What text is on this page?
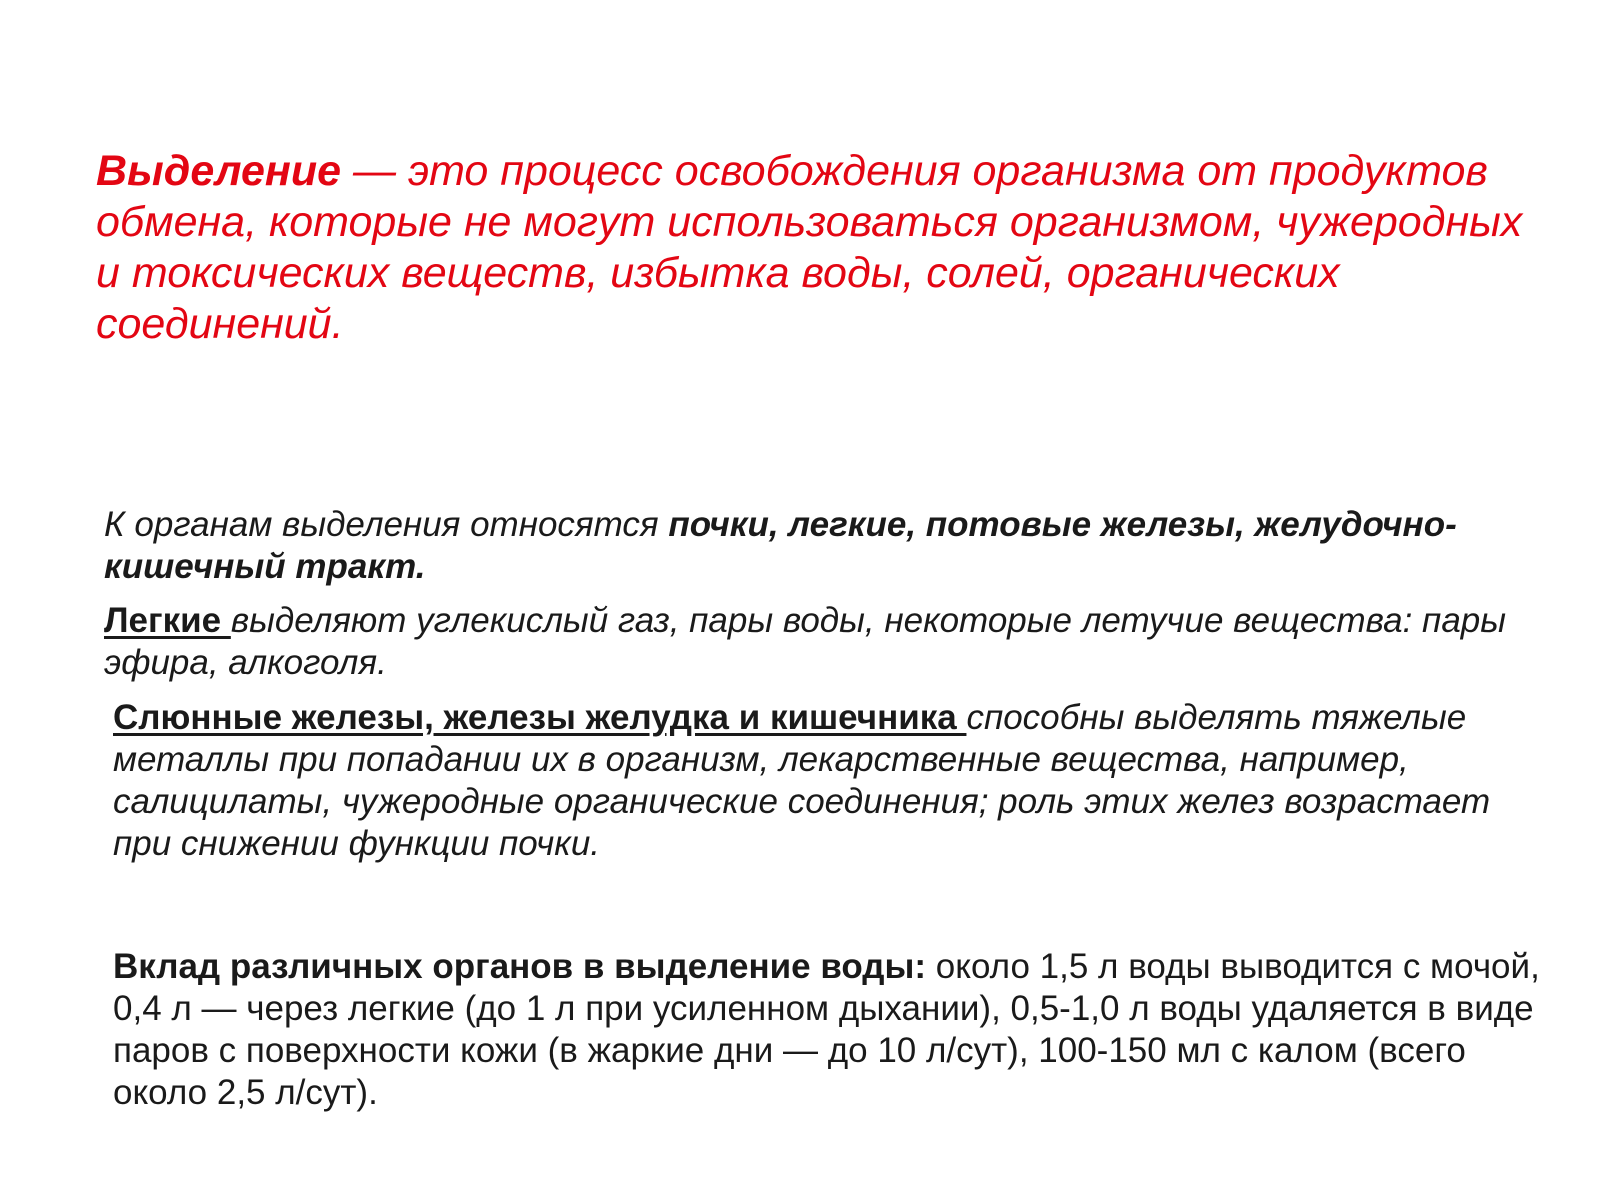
Выделение — это процесс освобождения организма от продуктов обмена, которые не могут использоваться организмом, чужеродных и токсических веществ, избытка воды, солей, органических соединений.

К органам выделения относятся почки, легкие, потовые железы, желудочно-кишечный тракт.

Легкие выделяют углекислый газ, пары воды, некоторые летучие вещества: пары эфира, алкоголя.

Слюнные железы, железы желудка и кишечника способны выделять тяжелые металлы при попадании их в организм, лекарственные вещества, например, салицилаты, чужеродные органические соединения; роль этих желез возрастает при снижении функции почки.

Вклад различных органов в выделение воды: около 1,5 л воды выводится с мочой, 0,4 л — через легкие (до 1 л при усиленном дыхании), 0,5-1,0 л воды удаляется в виде паров с поверхности кожи (в жаркие дни — до 10 л/сут), 100-150 мл с калом (всего около 2,5 л/сут).
